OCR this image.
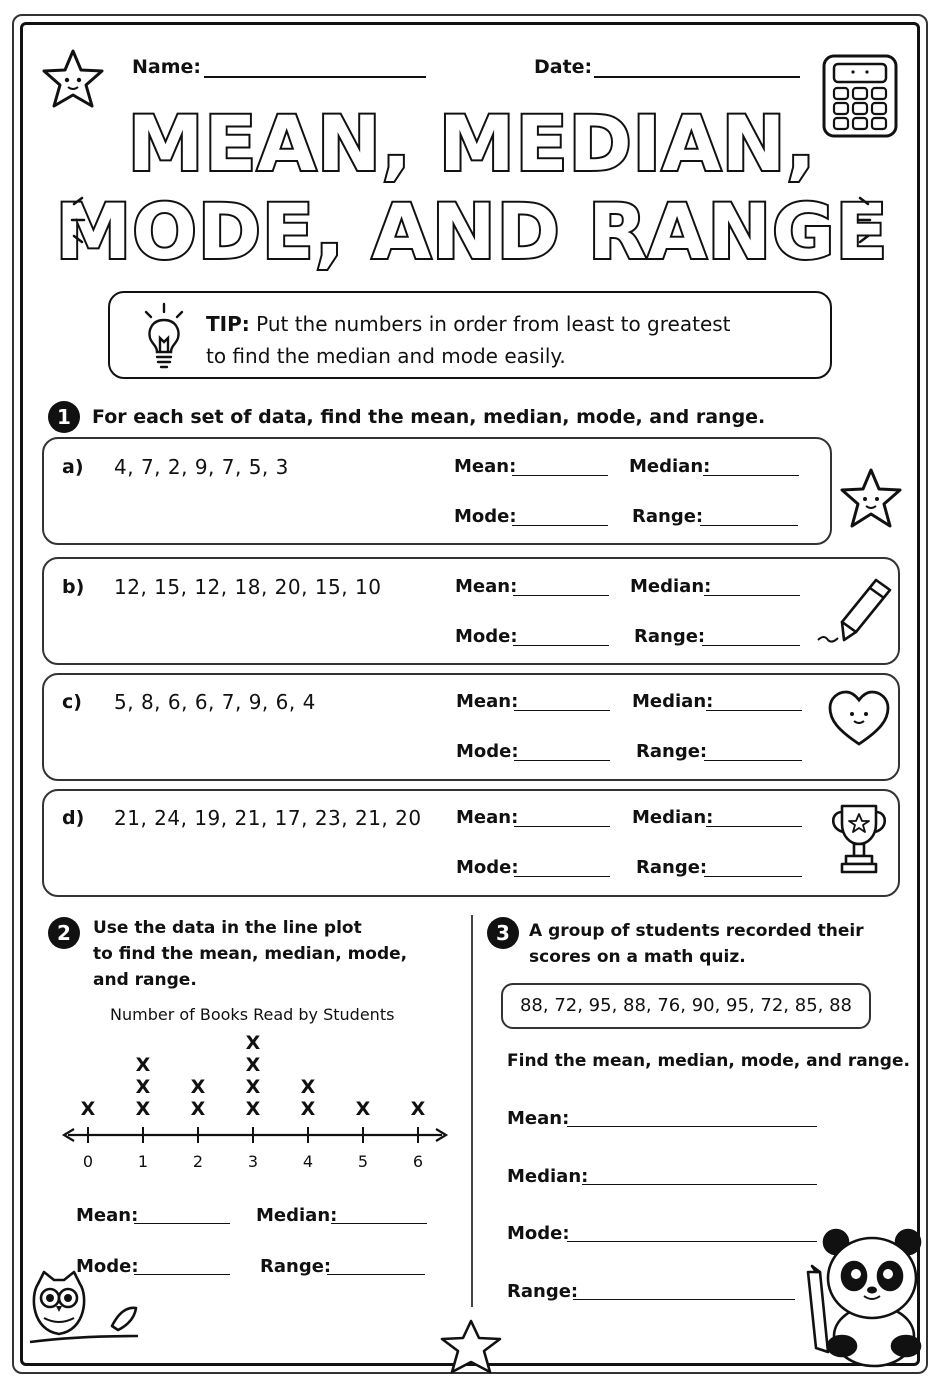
Name:	Date:
MEAN, MEDIAN,
MODE, AND RANGE
TIP: Put the numbers in order from least to greatest
to find the median and mode easily.
1	For each set of data, find the mean, median, mode, and range.
a) 4, 7, 2, 9, 7, 5, 3	Mean:	Median:
Mode:	Range:
b) 12, 15, 12, 18, 20, 15, 10	Mean:	Median:
Mode:	Range:
c) 5, 8, 6, 6, 7, 9, 6, 4	Mean:	Median:
Mode:	Range:
d) 21, 24, 19, 21, 17, 23, 21, 20 Mean:	Median:
Mode:	Range:
2	Use the data in the line plot
to find the mean, median, mode,
and range.
Number of Books Read by Students
0
X
1
X
X
X
2
X
X
3
X
X
X
X
4
X
X
5
X
6
X
Mean:	Median:
Mode:	Range:
3	A group of students recorded their
scores on a math quiz.
88, 72, 95, 88, 76, 90, 95, 72, 85, 88
Find the mean, median, mode, and range.
Mean:
Median:
Mode:
Range:
